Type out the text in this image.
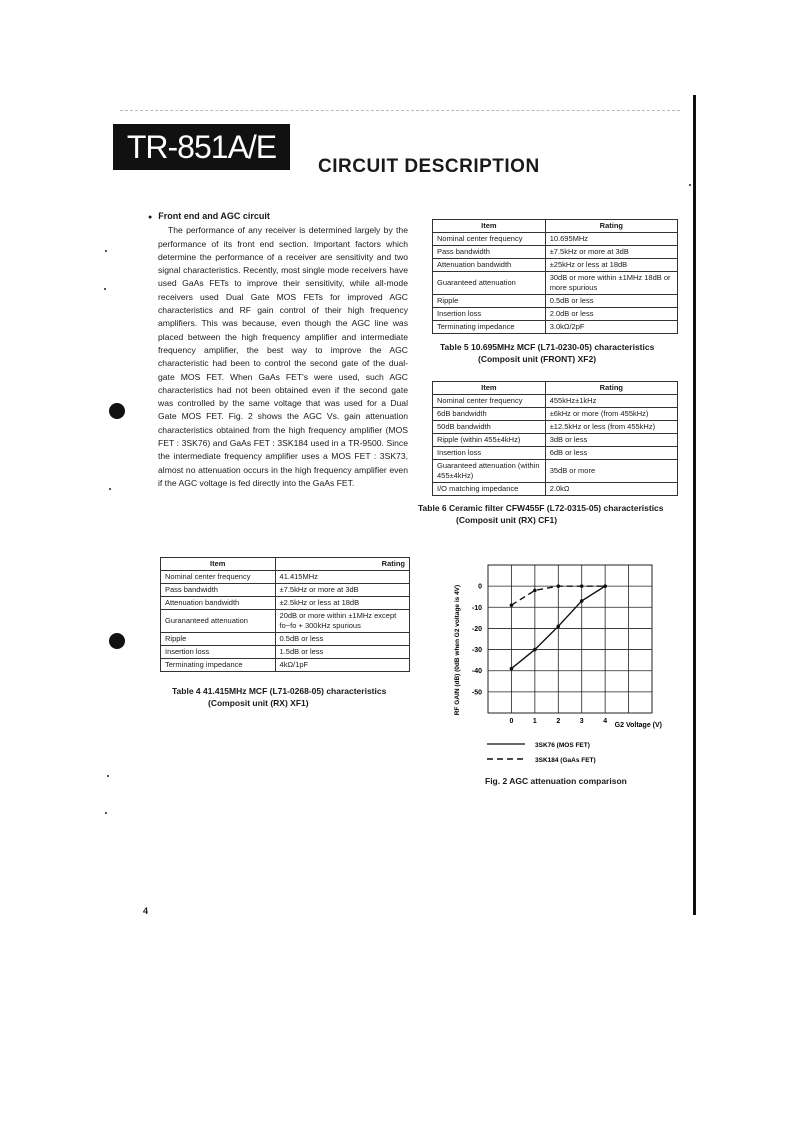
TR-851A/E
CIRCUIT DESCRIPTION
● Front end and AGC circuit
The performance of any receiver is determined largely by the performance of its front end section. Important factors which determine the performance of a receiver are sensitivity and two signal characteristics. Recently, most single mode receivers have used GaAs FETs to improve their sensitivity, while all-mode receivers used Dual Gate MOS FETs for improved AGC characteristics and RF gain control of their high frequency amplifiers. This was because, even though the AGC line was placed between the high frequency amplifier and intermediate frequency amplifier, the best way to improve the AGC characteristic had been to control the second gate of the dual-gate MOS FET. When GaAs FET's were used, such AGC characteristics had not been obtained even if the second gate was controlled by the same voltage that was used for a Dual Gate MOS FET. Fig. 2 shows the AGC Vs. gain attenuation characteristics obtained from the high frequency amplifier (MOS FET : 3SK76) and GaAs FET : 3SK184 used in a TR-9500. Since the intermediate frequency amplifier uses a MOS FET : 3SK73, almost no attenuation occurs in the high frequency amplifier even if the AGC voltage is fed directly into the GaAs FET.
Item	Rating
Nominal center frequency	10.695MHz
Pass bandwidth	±7.5kHz or more at 3dB
Attenuation bandwidth	±25kHz or less at 18dB
Guaranteed attenuation	30dB or more within ±1MHz 18dB or more spurious
Ripple	0.5dB or less
Insertion loss	2.0dB or less
Terminating impedance	3.0kΩ/2pF
Table 5 10.695MHz MCF (L71-0230-05) characteristics
(Composit unit (FRONT) XF2)
Item	Rating
Nominal center frequency	455kHz±1kHz
6dB bandwidth	±6kHz or more (from 455kHz)
50dB bandwidth	±12.5kHz or less (from 455kHz)
Ripple (within 455±4kHz)	3dB or less
Insertion loss	6dB or less
Guaranteed attenuation (within 455±4kHz)	35dB or more
I/O matching impedance	2.0kΩ
Table 6 Ceramic filter CFW455F (L72-0315-05) characteristics
(Composit unit (RX) CF1)
Item	Rating
Nominal center frequency	41.415MHz
Pass bandwidth	±7.5kHz or more at 3dB
Attenuation bandwidth	±2.5kHz or less at 18dB
Gurananteed attenuation	20dB or more within ±1MHz except fo~fo + 300kHz spurious
Ripple	0.5dB or less
Insertion loss	1.5dB or less
Terminating impedance	4kΩ/1pF
Table 4 41.415MHz MCF (L71-0268-05) characteristics
(Composit unit (RX) XF1)
0	1	2	3	4
0
-10
-20
-30
-40
-50
RF GAIN (dB) (0dB when G2 voltage is 4V)
G2 Voltage (V)
3SK76 (MOS FET)
3SK184 (GaAs FET)
Fig. 2 AGC attenuation comparison
4
